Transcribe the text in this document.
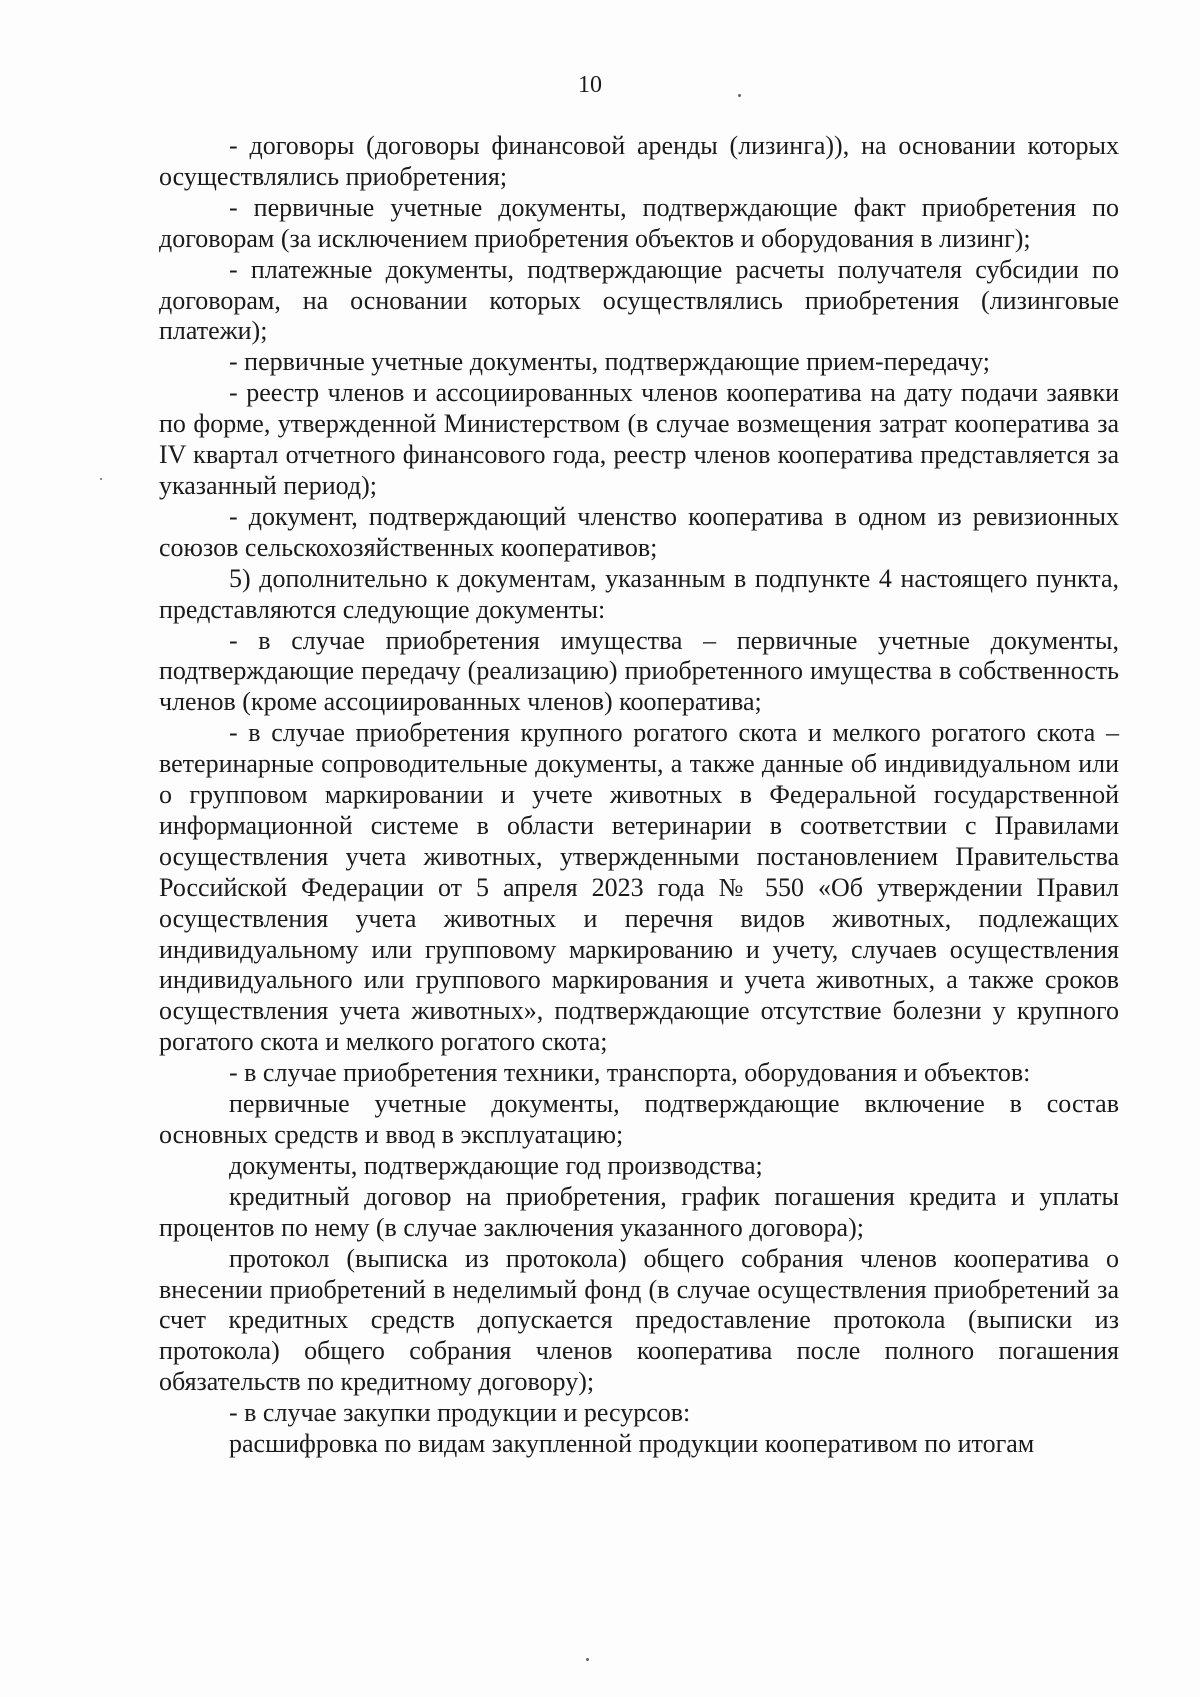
10

- договоры (договоры финансовой аренды (лизинга)), на основании которых осуществлялись приобретения;

- первичные учетные документы, подтверждающие факт приобретения по договорам (за исключением приобретения объектов и оборудования в лизинг);

- платежные документы, подтверждающие расчеты получателя субсидии по договорам, на основании которых осуществлялись приобретения (лизинговые платежи);

- первичные учетные документы, подтверждающие прием-передачу;

- реестр членов и ассоциированных членов кооператива на дату подачи заявки по форме, утвержденной Министерством (в случае возмещения затрат кооператива за IV квартал отчетного финансового года, реестр членов кооператива представляется за указанный период);

- документ, подтверждающий членство кооператива в одном из ревизионных союзов сельскохозяйственных кооперативов;

5) дополнительно к документам, указанным в подпункте 4 настоящего пункта, представляются следующие документы:

- в случае приобретения имущества – первичные учетные документы, подтверждающие передачу (реализацию) приобретенного имущества в собственность членов (кроме ассоциированных членов) кооператива;

- в случае приобретения крупного рогатого скота и мелкого рогатого скота – ветеринарные сопроводительные документы, а также данные об индивидуальном или о групповом маркировании и учете животных в Федеральной государственной информационной системе в области ветеринарии в соответствии с Правилами осуществления учета животных, утвержденными постановлением Правительства Российской Федерации от 5 апреля 2023 года № 550 «Об утверждении Правил осуществления учета животных и перечня видов животных, подлежащих индивидуальному или групповому маркированию и учету, случаев осуществления индивидуального или группового маркирования и учета животных, а также сроков осуществления учета животных», подтверждающие отсутствие болезни у крупного рогатого скота и мелкого рогатого скота;

- в случае приобретения техники, транспорта, оборудования и объектов:

первичные учетные документы, подтверждающие включение в состав основных средств и ввод в эксплуатацию;

документы, подтверждающие год производства;

кредитный договор на приобретения, график погашения кредита и уплаты процентов по нему (в случае заключения указанного договора);

протокол (выписка из протокола) общего собрания членов кооператива о внесении приобретений в неделимый фонд (в случае осуществления приобретений за счет кредитных средств допускается предоставление протокола (выписки из протокола) общего собрания членов кооператива после полного погашения обязательств по кредитному договору);

- в случае закупки продукции и ресурсов:

расшифровка по видам закупленной продукции кооперативом по итогам
